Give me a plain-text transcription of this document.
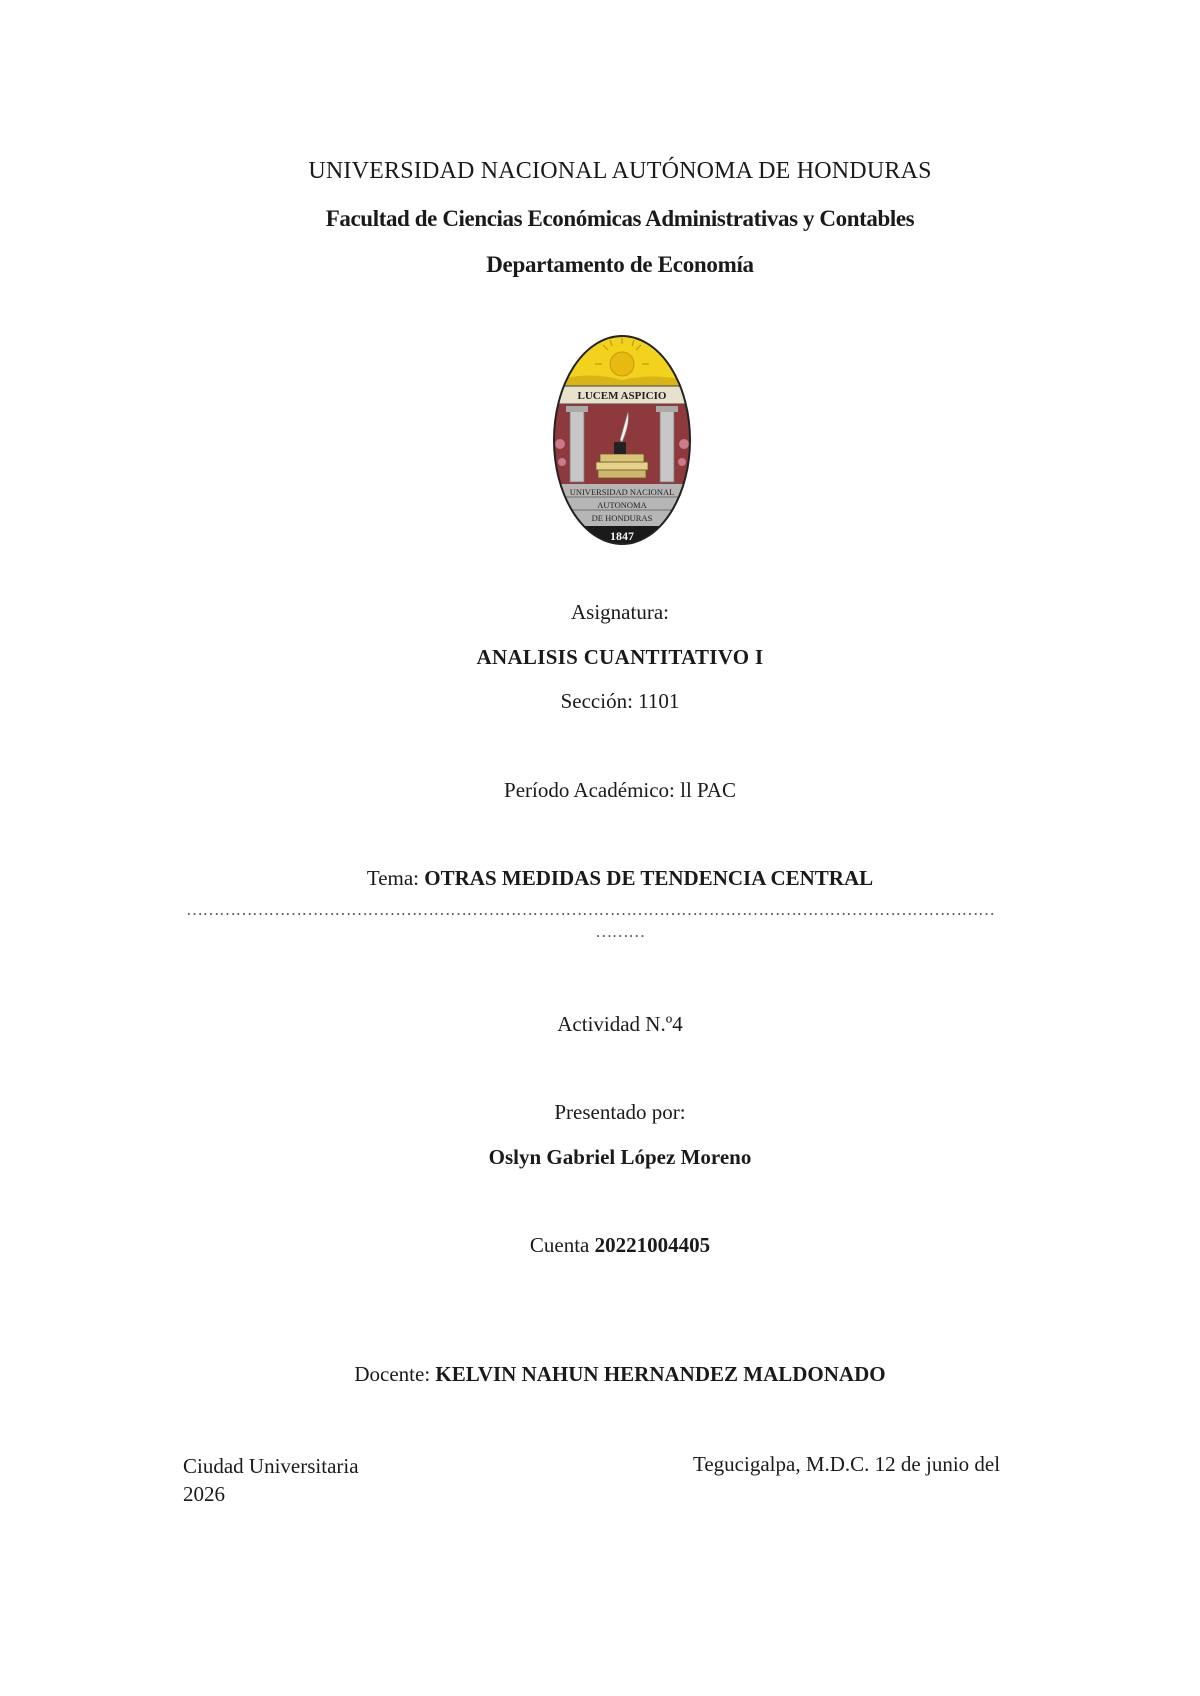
UNIVERSIDAD NACIONAL AUTÓNOMA DE HONDURAS
Facultad de Ciencias Económicas Administrativas y Contables
Departamento de Economía
LUCEM ASPICIO
UNIVERSIDAD NACIONAL
AUTONOMA
DE HONDURAS
1847
Asignatura:
ANALISIS CUANTITATIVO I
Sección: 1101
Período Académico: ll PAC
Tema: OTRAS MEDIDAS DE TENDENCIA CENTRAL
…………………………………………………………………………………………………………………………………
………
Actividad N.º4
Presentado por:
Oslyn Gabriel López Moreno
Cuenta 20221004405
Docente: KELVIN NAHUN HERNANDEZ MALDONADO
Ciudad Universitaria
2026
Tegucigalpa, M.D.C. 12 de junio del
